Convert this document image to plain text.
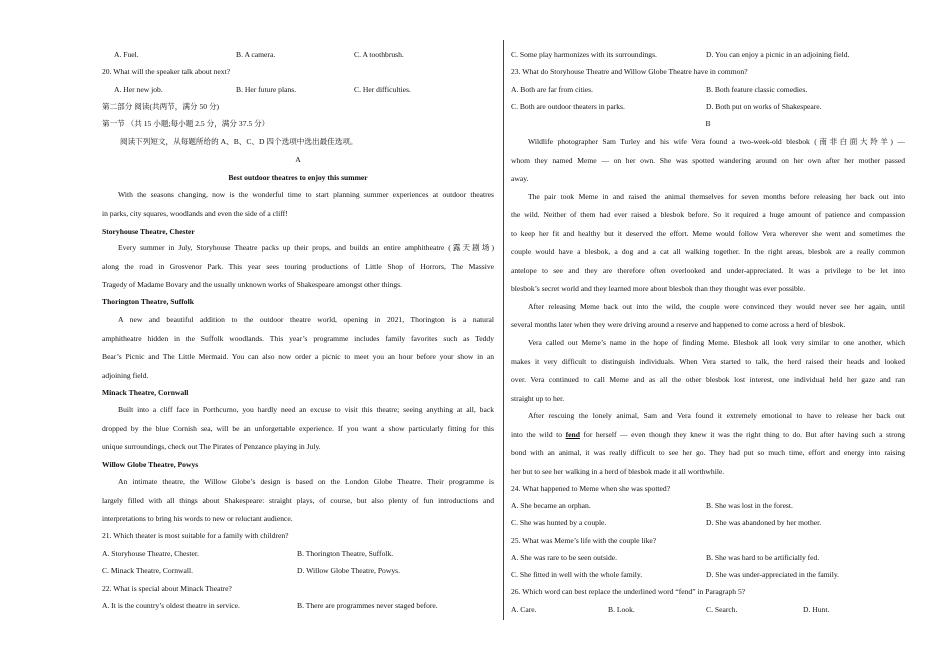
A. Fuel.	B. A camera.	C. A toothbrush.
20. What will the speaker talk about next?
A. Her new job.	B. Her future plans.	C. Her difficulties.
第二部分 阅读(共两节，满分 50 分)
第一节 （共 15 小题;每小题 2.5 分，满分 37.5 分）
阅读下列短文，从每题所给的 A、B、C、D 四个选项中选出最佳选项。
A
Best outdoor theatres to enjoy this summer
With the seasons changing, now is the wonderful time to start planning summer experiences at outdoor theatres
in parks, city squares, woodlands and even the side of a cliff!
Storyhouse Theatre, Chester
Every summer in July, Storyhouse Theatre packs up their props, and builds an entire amphitheatre (露天剧场)
along the road in Grosvenor Park. This year sees touring productions of Little Shop of Horrors, The Massive
Tragedy of Madame Bovary and the usually unknown works of Shakespeare amongst other things.
Thorington Theatre, Suffolk
A new and beautiful addition to the outdoor theatre world, opening in 2021, Thorington is a natural
amphitheatre hidden in the Suffolk woodlands. This year’s programme includes family favorites such as Teddy
Bear’s Picnic and The Little Mermaid. You can also now order a picnic to meet you an hour before your show in an
adjoining field.
Minack Theatre, Cornwall
Built into a cliff face in Porthcurno, you hardly need an excuse to visit this theatre; seeing anything at all, back
dropped by the blue Cornish sea, will be an unforgettable experience. If you want a show particularly fitting for this
unique surroundings, check out The Pirates of Penzance playing in July.
Willow Globe Theatre, Powys
An intimate theatre, the Willow Globe’s design is based on the London Globe Theatre. Their programme is
largely filled with all things about Shakespeare: straight plays, of course, but also plenty of fun introductions and
interpretations to bring his words to new or reluctant audience.
21. Which theater is most suitable for a family with children?
A. Storyhouse Theatre, Chester.	B. Thorington Theatre, Suffolk.
C. Minack Theatre, Cornwall.	D. Willow Globe Theatre, Powys.
22. What is special about Minack Theatre?
A. It is the country’s oldest theatre in service.	B. There are programmes never staged before.
C. Some play harmonizes with its surroundings.	D. You can enjoy a picnic in an adjoining field.
23. What do Storyhouse Theatre and Willow Globe Theatre have in common?
A. Both are far from cities.	B. Both feature classic comedies.
C. Both are outdoor theaters in parks.	D. Both put on works of Shakespeare.
B
Wildlife photographer Sam Turley and his wife Vera found a two-week-old blesbok (南非白面大羚羊) —
whom they named Meme — on her own. She was spotted wandering around on her own after her mother passed
away.
The pair took Meme in and raised the animal themselves for seven months before releasing her back out into
the wild. Neither of them had ever raised a blesbok before. So it required a huge amount of patience and compassion
to keep her fit and healthy but it deserved the effort. Meme would follow Vera wherever she went and sometimes the
couple would have a blesbok, a dog and a cat all walking together. In the right areas, blesbok are a really common
antelope to see and they are therefore often overlooked and under-appreciated. It was a privilege to be let into
blesbok’s secret world and they learned more about blesbok than they thought was ever possible.
After releasing Meme back out into the wild, the couple were convinced they would never see her again, until
several months later when they were driving around a reserve and happened to come across a herd of blesbok.
Vera called out Meme’s name in the hope of finding Meme. Blesbok all look very similar to one another, which
makes it very difficult to distinguish individuals. When Vera started to talk, the herd raised their heads and looked
over. Vera continued to call Meme and as all the other blesbok lost interest, one individual held her gaze and ran
straight up to her.
After rescuing the lonely animal, Sam and Vera found it extremely emotional to have to release her back out
into the wild to fend for herself — even though they knew it was the right thing to do. But after having such a strong
bond with an animal, it was really difficult to see her go. They had put so much time, effort and energy into raising
her but to see her walking in a herd of blesbok made it all worthwhile.
24. What happened to Meme when she was spotted?
A. She became an orphan.	B. She was lost in the forest.
C. She was hunted by a couple.	D. She was abandoned by her mother.
25. What was Meme’s life with the couple like?
A. She was rare to be seen outside.	B. She was hard to be artificially fed.
C. She fitted in well with the whole family.	D. She was under-appreciated in the family.
26. Which word can best replace the underlined word “fend” in Paragraph 5?
A. Care.	B. Look.	C. Search.	D. Hunt.
